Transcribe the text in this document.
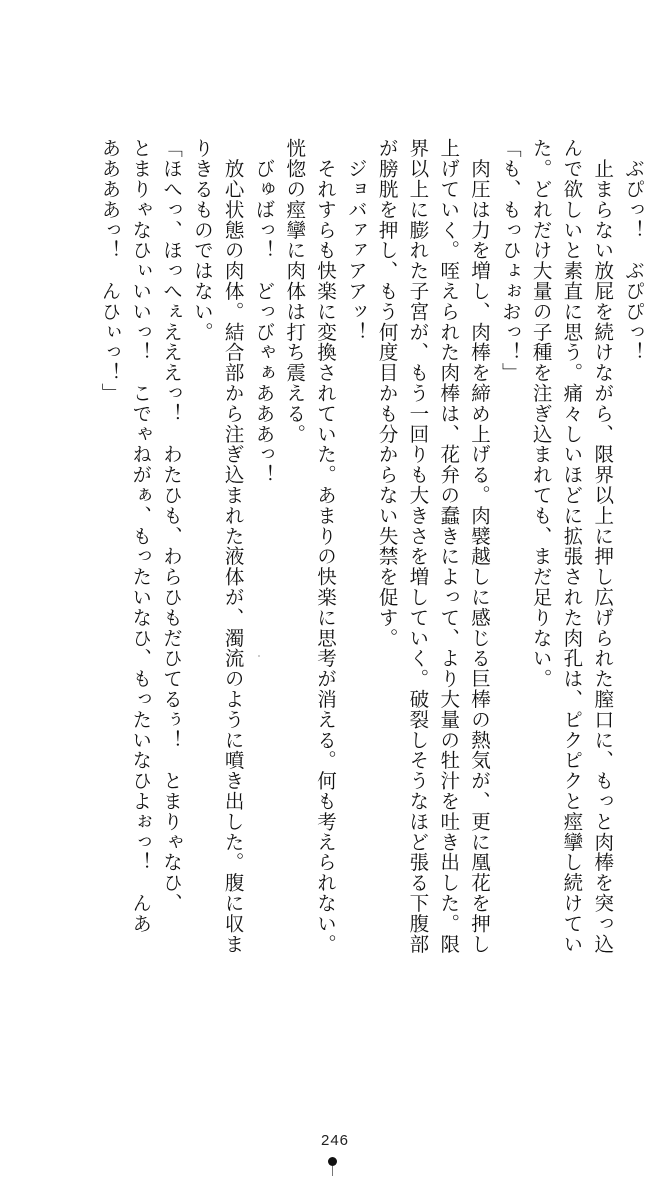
　ぶぴっ！　ぶぴぴっ！
　止まらない放屁を続けながら、限界以上に押し広げられた膣口に、もっと肉棒を突っ込
んで欲しいと素直に思う。痛々しいほどに拡張された肉孔は、ピクピクと痙攣し続けてい
た。どれだけ大量の子種を注ぎ込まれても、まだ足りない。
「も、もっひょぉおっ！」
　肉圧は力を増し、肉棒を締め上げる。肉襞越しに感じる巨棒の熱気が、更に凰花を押し
上げていく。咥えられた肉棒は、花弁の蠢きによって、より大量の牡汁を吐き出した。限
界以上に膨れた子宮が、もう一回りも大きさを増していく。破裂しそうなほど張る下腹部
が膀胱を押し、もう何度目かも分からない失禁を促す。
　ジョバァァアアッ！
　それすらも快楽に変換されていた。あまりの快楽に思考が消える。何も考えられない。
恍惚の痙攣に肉体は打ち震える。
　びゅばっ！　どっびゃぁあああっ！
　放心状態の肉体。結合部から注ぎ込まれた液体が、濁流のように噴き出した。腹に収ま
りきるものではない。
「ほへっ、ほっへぇえええっ！　わたひも、わらひもだひてるぅ！　とまりゃなひ、
とまりゃなひぃいいっ！　こでゃねがぁ、もったいなひ、もったいなひよぉっ！　んあ
ああああっ！　んひぃっ！」
246
